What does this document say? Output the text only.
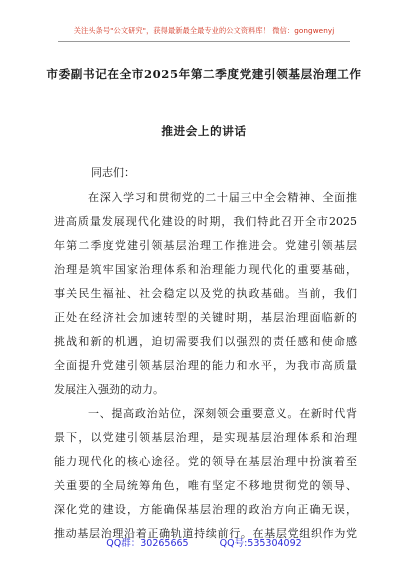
关注头条号"公文研究"，获得最新最全最专业的公文资料库！ 微信：gongwenyj
市委副书记在全市2025年第二季度党建引领基层治理工作
推进会上的讲话
同志们：
在深入学习和贯彻党的二十届三中全会精神、全面推
进高质量发展现代化建设的时期，我们特此召开全市2025
年第二季度党建引领基层治理工作推进会。党建引领基层
治理是筑牢国家治理体系和治理能力现代化的重要基础，
事关民生福祉、社会稳定以及党的执政基础。当前，我们
正处在经济社会加速转型的关键时期，基层治理面临新的
挑战和新的机遇，迫切需要我们以强烈的责任感和使命感
全面提升党建引领基层治理的能力和水平，为我市高质量
发展注入强劲的动力。
一、提高政治站位，深刻领会重要意义。在新时代背
景下，以党建引领基层治理，是实现基层治理体系和治理
能力现代化的核心途径。党的领导在基层治理中扮演着至
关重要的全局统筹角色，唯有坚定不移地贯彻党的领导、
深化党的建设，方能确保基层治理的政治方向正确无误，
推动基层治理沿着正确轨道持续前行。在基层党组织作为党
QQ群：30265665	QQ号:535304092
